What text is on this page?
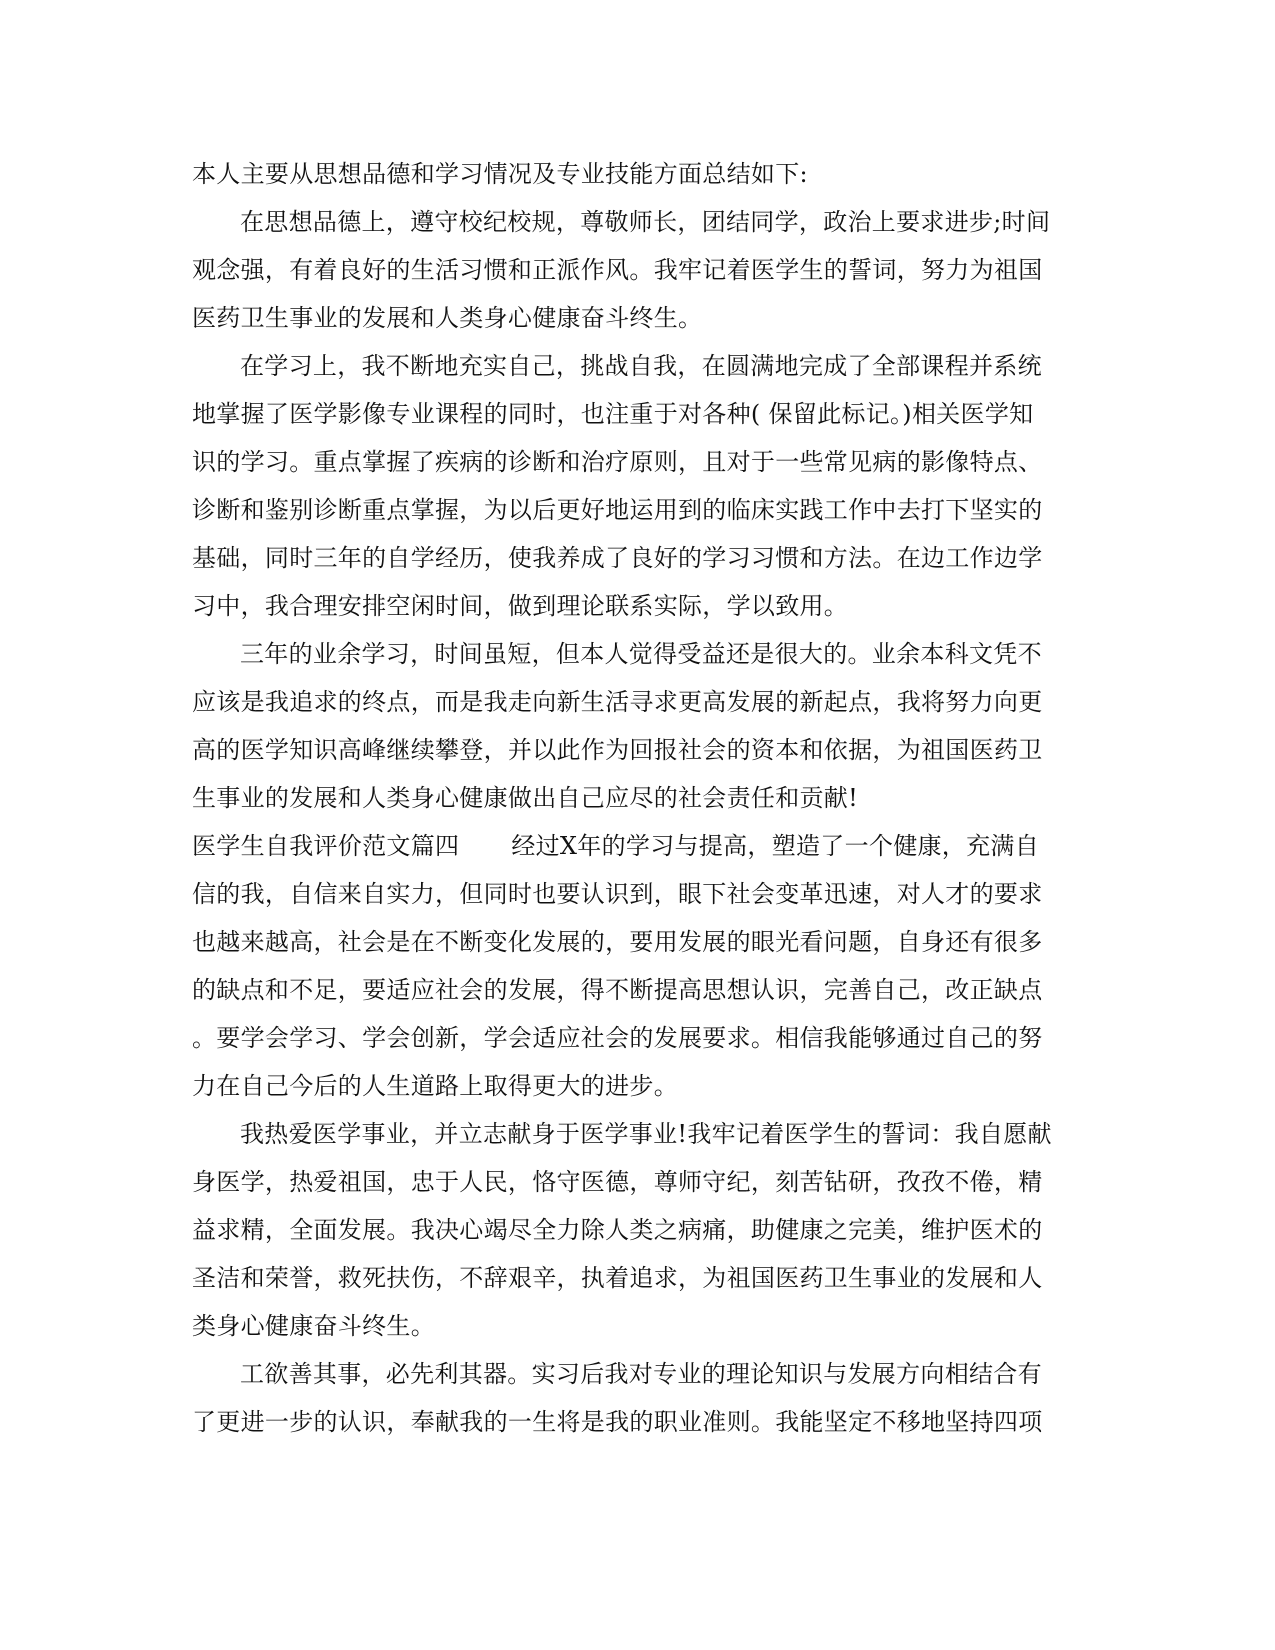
本人主要从思想品德和学习情况及专业技能方面总结如下:
在思想品德上，遵守校纪校规，尊敬师长，团结同学，政治上要求进步;时间
观念强，有着良好的生活习惯和正派作风。我牢记着医学生的誓词，努力为祖国
医药卫生事业的发展和人类身心健康奋斗终生。
在学习上，我不断地充实自己，挑战自我，在圆满地完成了全部课程并系统
地掌握了医学影像专业课程的同时，也注重于对各种( 保留此标记。)相关医学知
识的学习。重点掌握了疾病的诊断和治疗原则，且对于一些常见病的影像特点、
诊断和鉴别诊断重点掌握，为以后更好地运用到的临床实践工作中去打下坚实的
基础，同时三年的自学经历，使我养成了良好的学习习惯和方法。在边工作边学
习中，我合理安排空闲时间，做到理论联系实际，学以致用。
三年的业余学习，时间虽短，但本人觉得受益还是很大的。业余本科文凭不
应该是我追求的终点，而是我走向新生活寻求更高发展的新起点，我将努力向更
高的医学知识高峰继续攀登，并以此作为回报社会的资本和依据，为祖国医药卫
生事业的发展和人类身心健康做出自己应尽的社会责任和贡献!
医学生自我评价范文篇四 经过X年的学习与提高，塑造了一个健康，充满自
信的我，自信来自实力，但同时也要认识到，眼下社会变革迅速，对人才的要求
也越来越高，社会是在不断变化发展的，要用发展的眼光看问题，自身还有很多
的缺点和不足，要适应社会的发展，得不断提高思想认识，完善自己，改正缺点
。要学会学习、学会创新，学会适应社会的发展要求。相信我能够通过自己的努
力在自己今后的人生道路上取得更大的进步。
我热爱医学事业，并立志献身于医学事业!我牢记着医学生的誓词：我自愿献
身医学，热爱祖国，忠于人民，恪守医德，尊师守纪，刻苦钻研，孜孜不倦，精
益求精，全面发展。我决心竭尽全力除人类之病痛，助健康之完美，维护医术的
圣洁和荣誉，救死扶伤，不辞艰辛，执着追求，为祖国医药卫生事业的发展和人
类身心健康奋斗终生。
工欲善其事，必先利其器。实习后我对专业的理论知识与发展方向相结合有
了更进一步的认识，奉献我的一生将是我的职业准则。我能坚定不移地坚持四项
